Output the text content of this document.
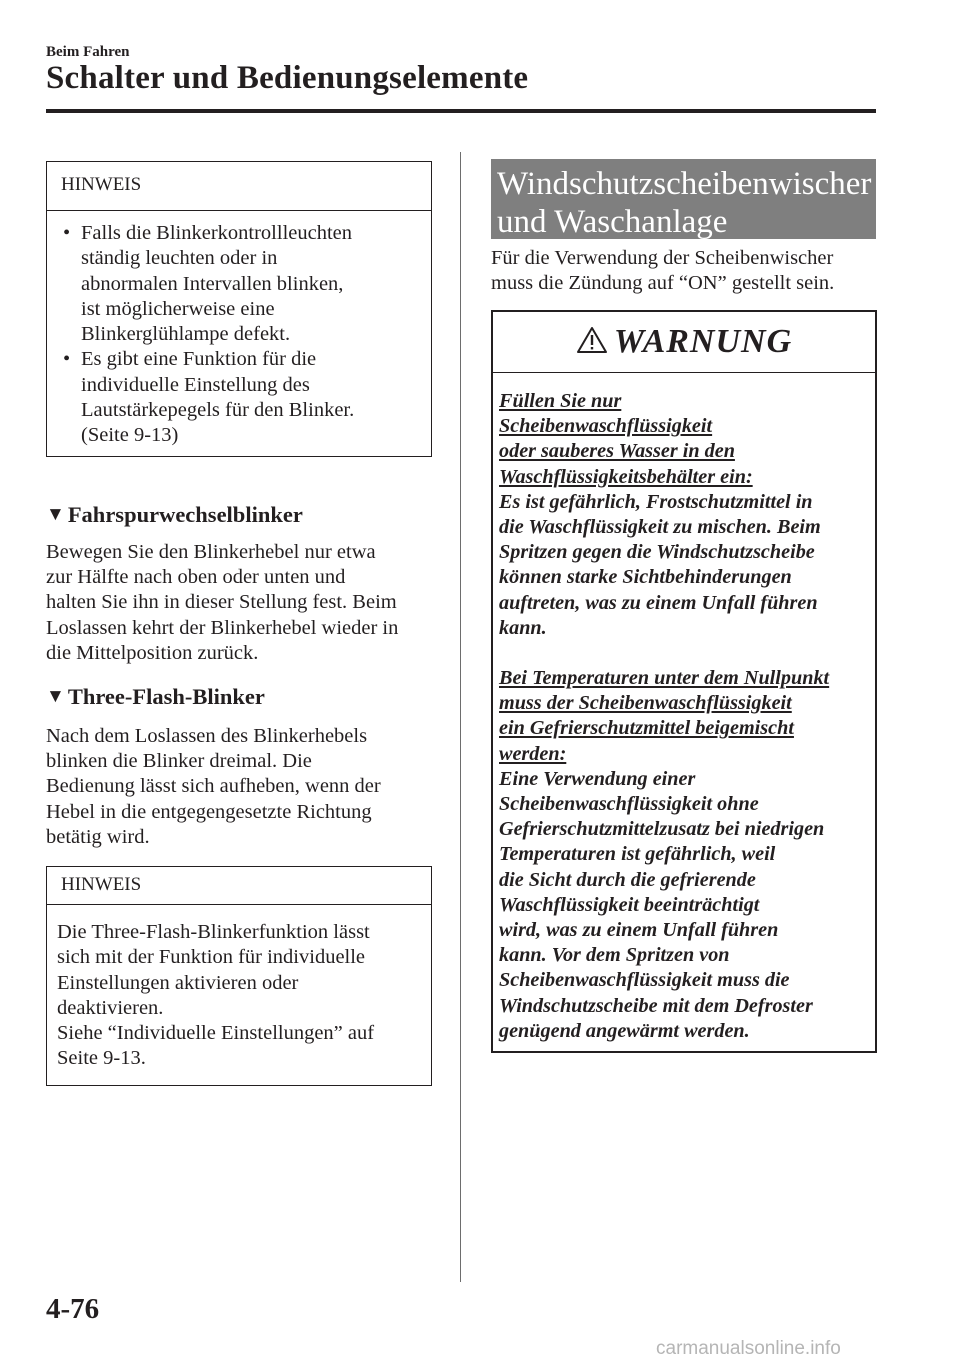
Beim Fahren
Schalter und Bedienungselemente
HINWEIS
• Falls die Blinkerkontrollleuchten
ständig leuchten oder in
abnormalen Intervallen blinken,
ist möglicherweise eine
Blinkerglühlampe defekt.
• Es gibt eine Funktion für die
individuelle Einstellung des
Lautstärkepegels für den Blinker.
(Seite 9-13)
▼ Fahrspurwechselblinker
Bewegen Sie den Blinkerhebel nur etwa
zur Hälfte nach oben oder unten und
halten Sie ihn in dieser Stellung fest. Beim
Loslassen kehrt der Blinkerhebel wieder in
die Mittelposition zurück.
▼ Three-Flash-Blinker
Nach dem Loslassen des Blinkerhebels
blinken die Blinker dreimal. Die
Bedienung lässt sich aufheben, wenn der
Hebel in die entgegengesetzte Richtung
betätig wird.
HINWEIS
Die Three-Flash-Blinkerfunktion lässt
sich mit der Funktion für individuelle
Einstellungen aktivieren oder
deaktivieren.
Siehe “Individuelle Einstellungen” auf
Seite 9-13.
Windschutzscheibenwischer
und Waschanlage
Für die Verwendung der Scheibenwischer
muss die Zündung auf “ON” gestellt sein.
WARNUNG

Füllen Sie nur
Scheibenwaschflüssigkeit
oder sauberes Wasser in den
Waschflüssigkeitsbehälter ein:

Es ist gefährlich, Frostschutzmittel in
die Waschflüssigkeit zu mischen. Beim
Spritzen gegen die Windschutzscheibe
können starke Sichtbehinderungen
auftreten, was zu einem Unfall führen
kann.

Bei Temperaturen unter dem Nullpunkt
muss der Scheibenwaschflüssigkeit
ein Gefrierschutzmittel beigemischt
werden:

Eine Verwendung einer
Scheibenwaschflüssigkeit ohne
Gefrierschutzmittelzusatz bei niedrigen
Temperaturen ist gefährlich, weil
die Sicht durch die gefrierende
Waschflüssigkeit beeinträchtigt
wird, was zu einem Unfall führen
kann. Vor dem Spritzen von
Scheibenwaschflüssigkeit muss die
Windschutzscheibe mit dem Defroster
genügend angewärmt werden.

4-76
carmanualsonline.info
